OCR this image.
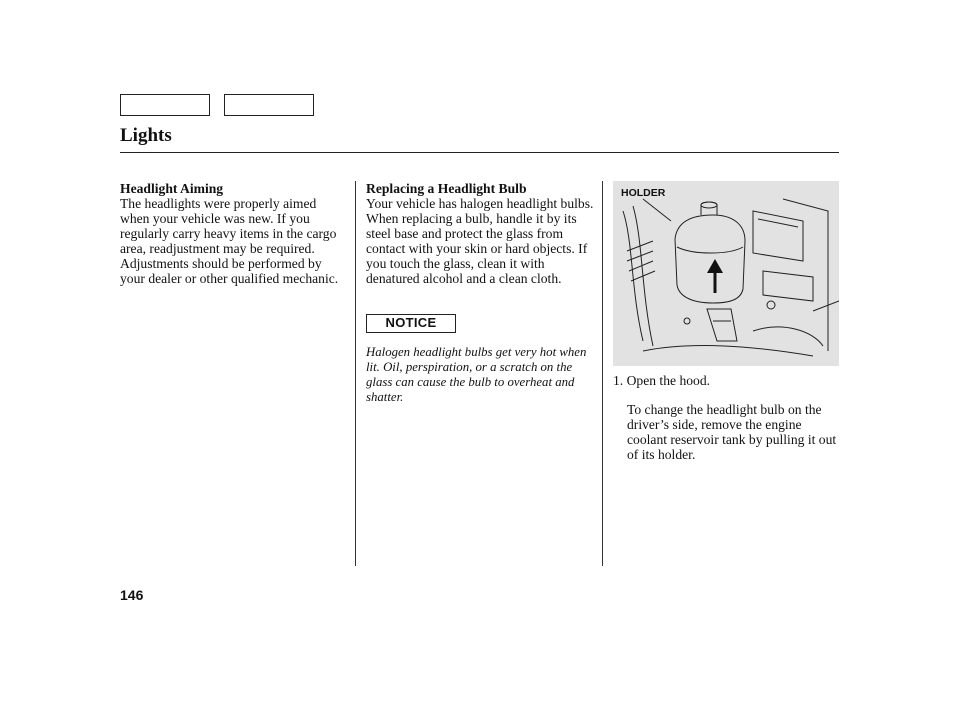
Lights
Headlight Aiming

The headlights were properly aimed when your vehicle was new. If you regularly carry heavy items in the cargo area, readjustment may be required. Adjustments should be performed by your dealer or other qualified mechanic.

Replacing a Headlight Bulb

Your vehicle has halogen headlight bulbs. When replacing a bulb, handle it by its steel base and protect the glass from contact with your skin or hard objects. If you touch the glass, clean it with denatured alcohol and a clean cloth.

NOTICE

Halogen headlight bulbs get very hot when lit. Oil, perspiration, or a scratch on the glass can cause the bulb to overheat and shatter.

HOLDER

1. Open the hood.

To change the headlight bulb on the driver’s side, remove the engine coolant reservoir tank by pulling it out of its holder.

146
